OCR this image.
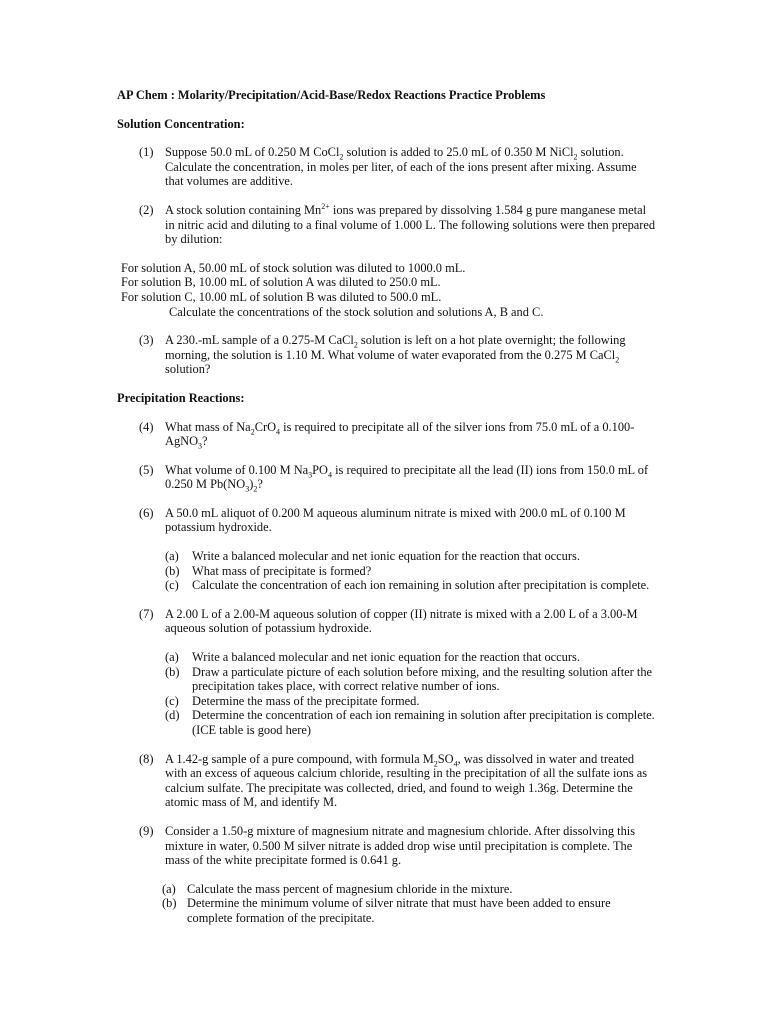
AP Chem : Molarity/Precipitation/Acid-Base/Redox Reactions Practice Problems

Solution Concentration:

(1) Suppose 50.0 mL of 0.250 M CoCl$_2$ solution is added to 25.0 mL of 0.350 M NiCl$_2$ solution. Calculate the concentration, in moles per liter, of each of the ions present after mixing. Assume that volumes are additive.

(2) A stock solution containing $Mn^{2+}$ ions was prepared by dissolving 1.584 g pure manganese metal in nitric acid and diluting to a final volume of 1.000 L. The following solutions were then prepared by dilution:

For solution A, 50.00 mL of stock solution was diluted to 1000.0 mL.

For solution B, 10.00 mL of solution A was diluted to 250.0 mL.

For solution C, 10.00 mL of solution B was diluted to 500.0 mL.

Calculate the concentrations of the stock solution and solutions A, B and C.

(3) A 230.-mL sample of a 0.275-M CaCl$_2$ solution is left on a hot plate overnight; the following morning, the solution is 1.10 M. What volume of water evaporated from the 0.275 M CaCl$_2$ solution?

Precipitation Reactions:

(4) What mass of $Na_2CrO_4$ is required to precipitate all of the silver ions from 75.0 mL of a 0.100- AgNO$_3$?

(5) What volume of 0.100 M $Na_3PO_4$ is required to precipitate all the lead (II) ions from 150.0 mL of 0.250 M $Pb(NO_3)_2$?

(6) A 50.0 mL aliquot of 0.200 M aqueous aluminum nitrate is mixed with 200.0 mL of 0.100 M potassium hydroxide.

(a) Write a balanced molecular and net ionic equation for the reaction that occurs.

(b) What mass of precipitate is formed?

(c) Calculate the concentration of each ion remaining in solution after precipitation is complete.

(7) A 2.00 L of a 2.00-M aqueous solution of copper (II) nitrate is mixed with a 2.00 L of a 3.00-M aqueous solution of potassium hydroxide.

(a) Write a balanced molecular and net ionic equation for the reaction that occurs.

(b) Draw a particulate picture of each solution before mixing, and the resulting solution after the precipitation takes place, with correct relative number of ions.

(c) Determine the mass of the precipitate formed.

(d) Determine the concentration of each ion remaining in solution after precipitation is complete. (ICE table is good here)

(8) A 1.42-g sample of a pure compound, with formula $M_2SO_4$, was dissolved in water and treated with an excess of aqueous calcium chloride, resulting in the precipitation of all the sulfate ions as calcium sulfate. The precipitate was collected, dried, and found to weigh 1.36g. Determine the atomic mass of M, and identify M.

(9) Consider a 1.50-g mixture of magnesium nitrate and magnesium chloride. After dissolving this mixture in water, 0.500 M silver nitrate is added drop wise until precipitation is complete. The mass of the white precipitate formed is 0.641 g.

(a) Calculate the mass percent of magnesium chloride in the mixture.

(b) Determine the minimum volume of silver nitrate that must have been added to ensure complete formation of the precipitate.
